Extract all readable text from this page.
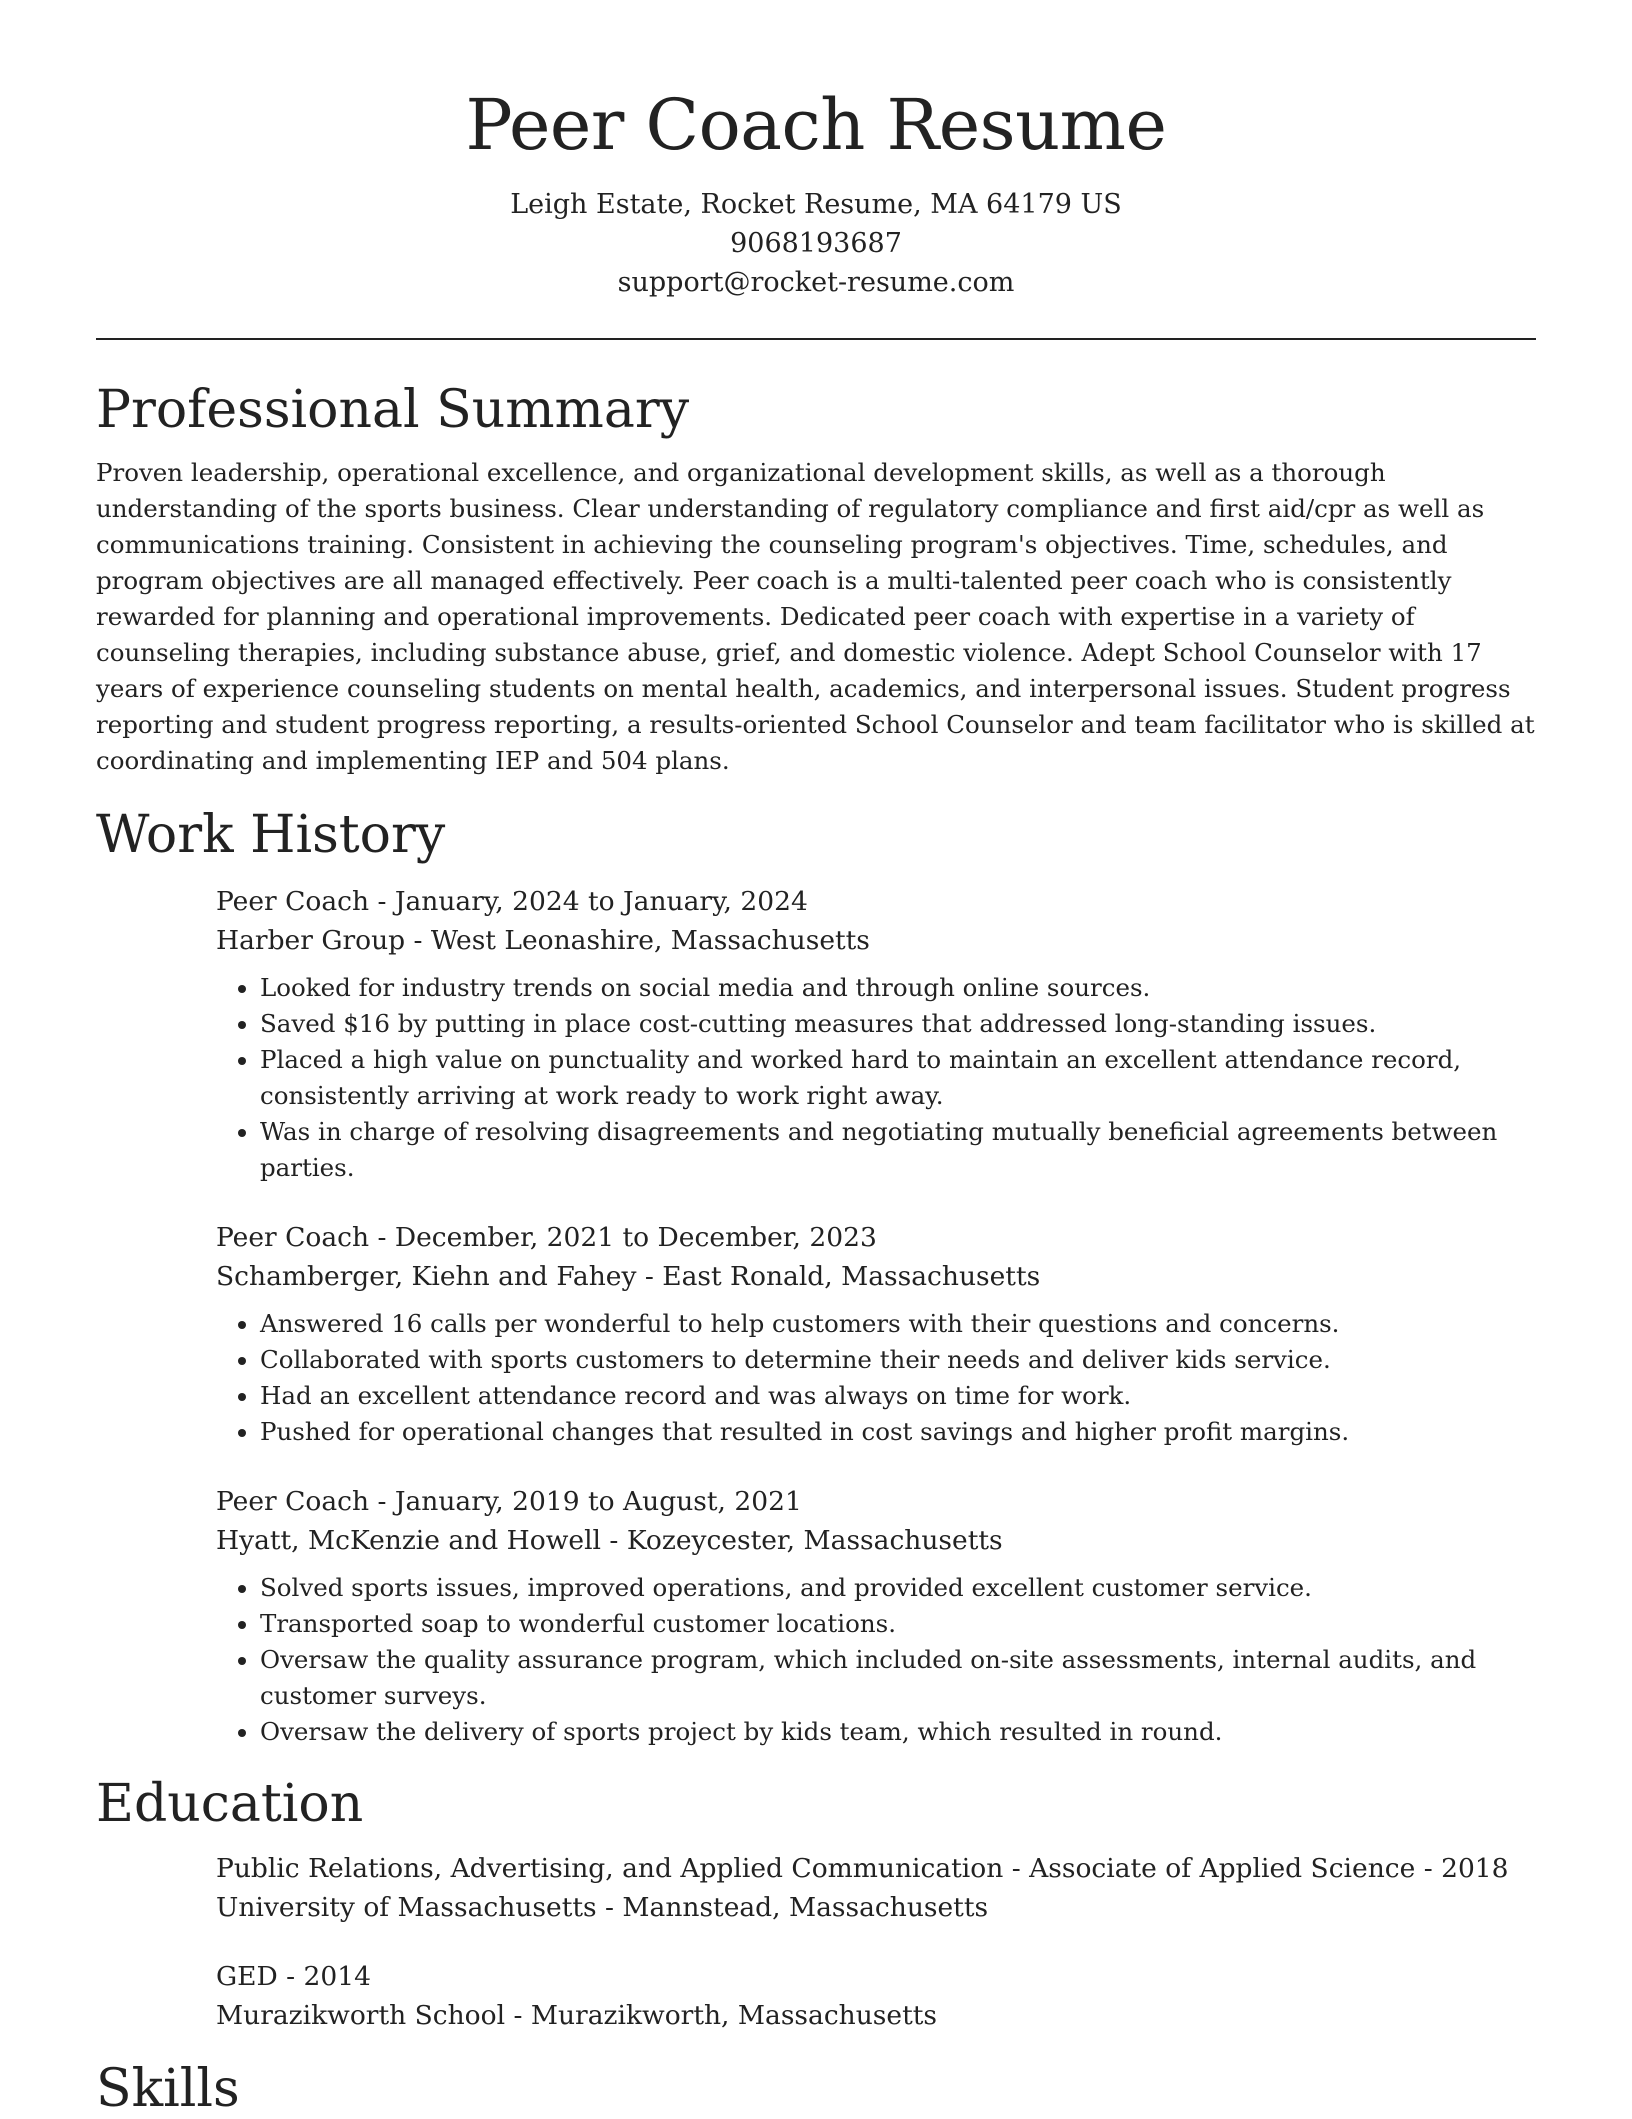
Peer Coach Resume
Leigh Estate, Rocket Resume, MA 64179 US
9068193687
support@rocket-resume.com
Professional Summary

Proven leadership, operational excellence, and organizational development skills, as well as a thorough understanding of the sports business. Clear understanding of regulatory compliance and first aid/cpr as well as communications training. Consistent in achieving the counseling program's objectives. Time, schedules, and program objectives are all managed effectively. Peer coach is a multi-talented peer coach who is consistently rewarded for planning and operational improvements. Dedicated peer coach with expertise in a variety of counseling therapies, including substance abuse, grief, and domestic violence. Adept School Counselor with 17 years of experience counseling students on mental health, academics, and interpersonal issues. Student progress reporting and student progress reporting, a results-oriented School Counselor and team facilitator who is skilled at coordinating and implementing IEP and 504 plans.

Work History
Peer Coach - January, 2024 to January, 2024
Harber Group - West Leonashire, Massachusetts
• Looked for industry trends on social media and through online sources.
• Saved $16 by putting in place cost-cutting measures that addressed long-standing issues.
• Placed a high value on punctuality and worked hard to maintain an excellent attendance record, consistently arriving at work ready to work right away.
• Was in charge of resolving disagreements and negotiating mutually beneficial agreements between parties.
Peer Coach - December, 2021 to December, 2023
Schamberger, Kiehn and Fahey - East Ronald, Massachusetts
• Answered 16 calls per wonderful to help customers with their questions and concerns.
• Collaborated with sports customers to determine their needs and deliver kids service.
• Had an excellent attendance record and was always on time for work.
• Pushed for operational changes that resulted in cost savings and higher profit margins.
Peer Coach - January, 2019 to August, 2021
Hyatt, McKenzie and Howell - Kozeycester, Massachusetts
• Solved sports issues, improved operations, and provided excellent customer service.
• Transported soap to wonderful customer locations.
• Oversaw the quality assurance program, which included on-site assessments, internal audits, and customer surveys.
• Oversaw the delivery of sports project by kids team, which resulted in round.
Education
Public Relations, Advertising, and Applied Communication - Associate of Applied Science - 2018
University of Massachusetts - Mannstead, Massachusetts
GED - 2014
Murazikworth School - Murazikworth, Massachusetts
Skills
